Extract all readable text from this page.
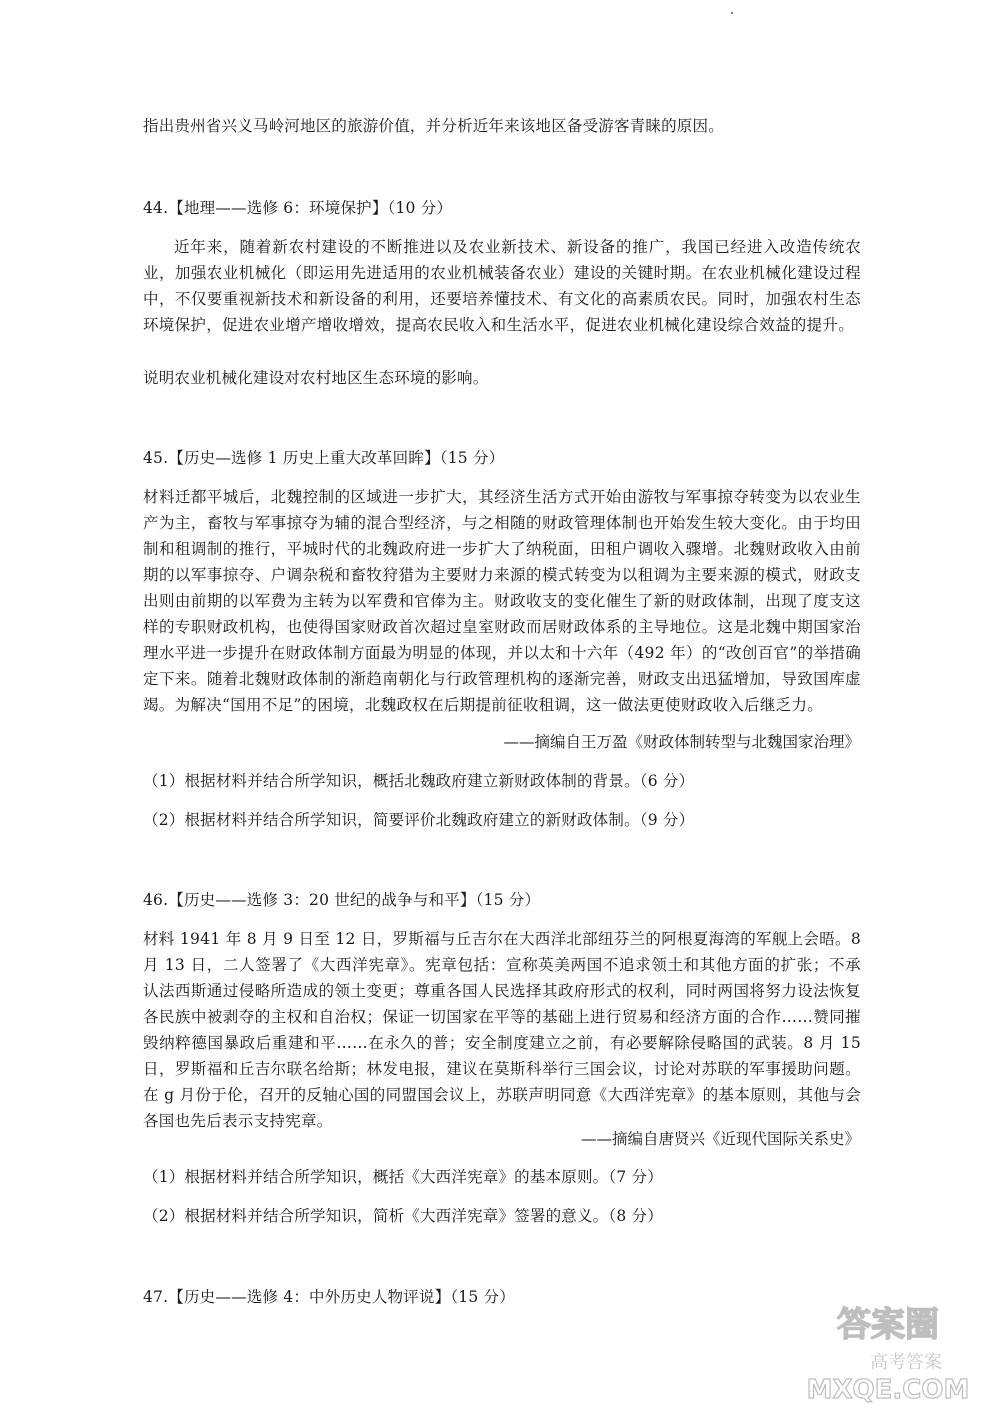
指出贵州省兴义马岭河地区的旅游价值，并分析近年来该地区备受游客青睐的原因。
44.【地理——选修 6：环境保护】（10 分）
近年来，随着新农村建设的不断推进以及农业新技术、新设备的推广，我国已经进入改造传统农业，加强农业机械化（即运用先进适用的农业机械装备农业）建设的关键时期。在农业机械化建设过程中，不仅要重视新技术和新设备的利用，还要培养懂技术、有文化的高素质农民。同时，加强农村生态环境保护，促进农业增产增收增效，提高农民收入和生活水平，促进农业机械化建设综合效益的提升。
说明农业机械化建设对农村地区生态环境的影响。
45.【历史—选修 1 历史上重大改革回眸】（15 分）
材料迁都平城后，北魏控制的区域进一步扩大，其经济生活方式开始由游牧与军事掠夺转变为以农业生产为主，畜牧与军事掠夺为辅的混合型经济，与之相随的财政管理体制也开始发生较大变化。由于均田制和租调制的推行，平城时代的北魏政府进一步扩大了纳税面，田租户调收入骤增。北魏财政收入由前期的以军事掠夺、户调杂税和畜牧狩猎为主要财力来源的模式转变为以租调为主要来源的模式，财政支出则由前期的以军费为主转为以军费和官俸为主。财政收支的变化催生了新的财政体制，出现了度支这样的专职财政机构，也使得国家财政首次超过皇室财政而居财政体系的主导地位。这是北魏中期国家治理水平进一步提升在财政体制方面最为明显的体现，并以太和十六年（492 年）的“改创百官”的举措确定下来。随着北魏财政体制的渐趋南朝化与行政管理机构的逐渐完善，财政支出迅猛增加，导致国库虚竭。为解决“国用不足”的困境，北魏政权在后期提前征收租调，这一做法更使财政收入后继乏力。
——摘编自王万盈《财政体制转型与北魏国家治理》
（1）根据材料并结合所学知识，概括北魏政府建立新财政体制的背景。（6 分）
（2）根据材料并结合所学知识，简要评价北魏政府建立的新财政体制。（9 分）
46.【历史——选修 3：20 世纪的战争与和平】（15 分）
材料 1941 年 8 月 9 日至 12 日，罗斯福与丘吉尔在大西洋北部纽芬兰的阿根夏海湾的军舰上会晤。8 月 13 日，二人签署了《大西洋宪章》。宪章包括：宣称英美两国不追求领土和其他方面的扩张；不承认法西斯通过侵略所造成的领土变更；尊重各国人民选择其政府形式的权利，同时两国将努力设法恢复各民族中被剥夺的主权和自治权；保证一切国家在平等的基础上进行贸易和经济方面的合作……赞同摧毁纳粹德国暴政后重建和平……在永久的普；安全制度建立之前，有必要解除侵略国的武装。8 月 15 日，罗斯福和丘吉尔联名给斯；林发电报，建议在莫斯科举行三国会议，讨论对苏联的军事援助问题。在 g 月份于伦，召开的反轴心国的同盟国会议上，苏联声明同意《大西洋宪章》的基本原则，其他与会各国也先后表示支持宪章。
——摘编自唐贤兴《近现代国际关系史》
（1）根据材料并结合所学知识，概括《大西洋宪章》的基本原则。（7 分）
（2）根据材料并结合所学知识，简析《大西洋宪章》签署的意义。（8 分）
47.【历史——选修 4：中外历史人物评说】（15 分）
答案圈
高考答案
MXQE.COM
